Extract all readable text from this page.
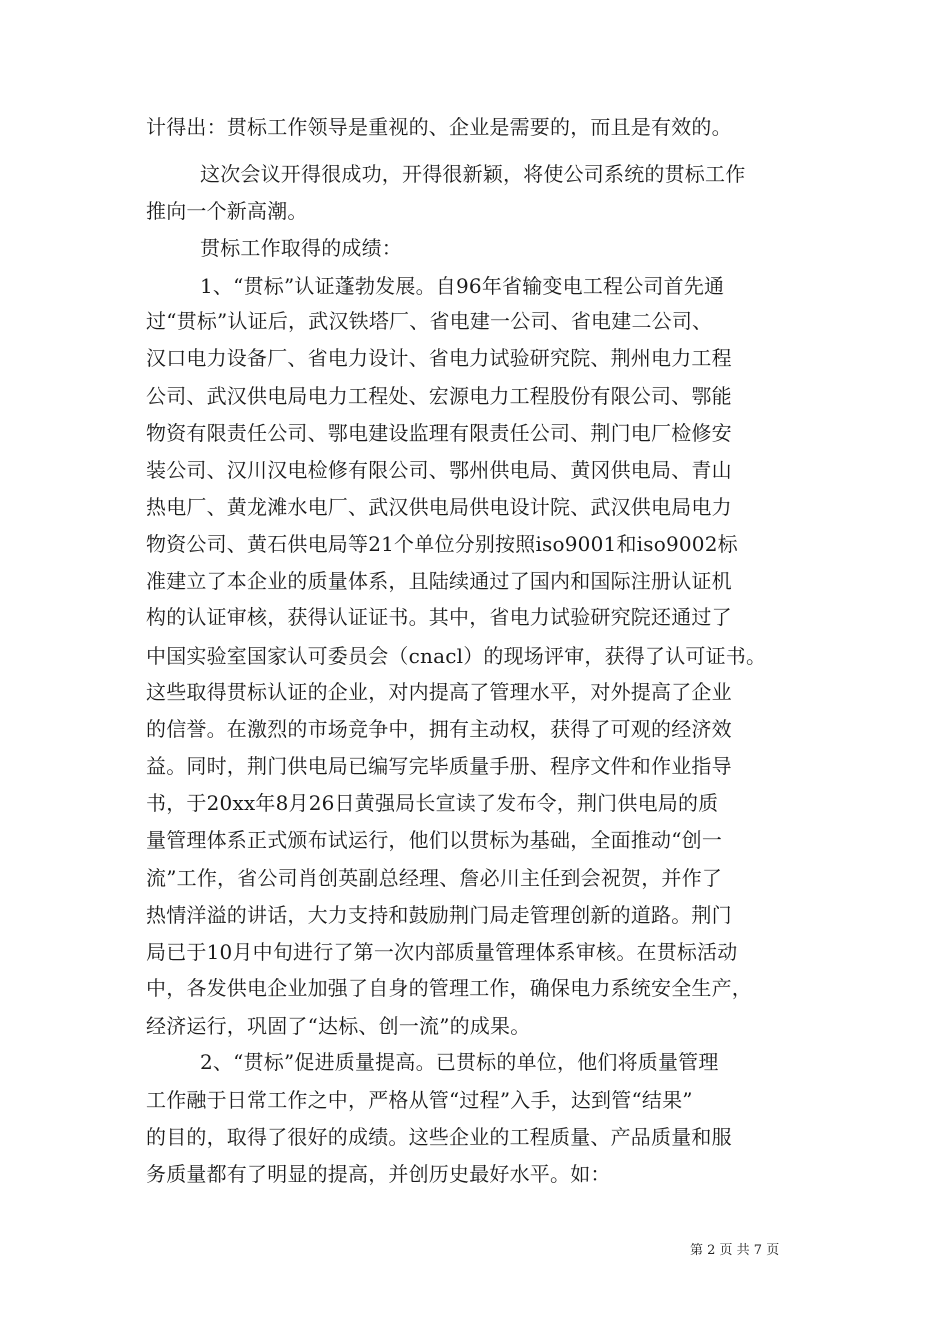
计得出：贯标工作领导是重视的、企业是需要的，而且是有效的。
这次会议开得很成功，开得很新颖，将使公司系统的贯标工作
推向一个新高潮。
贯标工作取得的成绩：
1、“贯标”认证蓬勃发展。自96年省输变电工程公司首先通
过“贯标”认证后，武汉铁塔厂、省电建一公司、省电建二公司、
汉口电力设备厂、省电力设计、省电力试验研究院、荆州电力工程
公司、武汉供电局电力工程处、宏源电力工程股份有限公司、鄂能
物资有限责任公司、鄂电建设监理有限责任公司、荆门电厂检修安
装公司、汉川汉电检修有限公司、鄂州供电局、黄冈供电局、青山
热电厂、黄龙滩水电厂、武汉供电局供电设计院、武汉供电局电力
物资公司、黄石供电局等21个单位分别按照iso9001和iso9002标
准建立了本企业的质量体系，且陆续通过了国内和国际注册认证机
构的认证审核，获得认证证书。其中，省电力试验研究院还通过了
中国实验室国家认可委员会（cnacl）的现场评审，获得了认可证书。
这些取得贯标认证的企业，对内提高了管理水平，对外提高了企业
的信誉。在激烈的市场竞争中，拥有主动权，获得了可观的经济效
益。同时，荆门供电局已编写完毕质量手册、程序文件和作业指导
书，于20xx年8月26日黄强局长宣读了发布令，荆门供电局的质
量管理体系正式颁布试运行，他们以贯标为基础，全面推动“创一
流”工作，省公司肖创英副总经理、詹必川主任到会祝贺，并作了
热情洋溢的讲话，大力支持和鼓励荆门局走管理创新的道路。荆门
局已于10月中旬进行了第一次内部质量管理体系审核。在贯标活动
中，各发供电企业加强了自身的管理工作，确保电力系统安全生产，
经济运行，巩固了“达标、创一流”的成果。
2、“贯标”促进质量提高。已贯标的单位，他们将质量管理
工作融于日常工作之中，严格从管“过程”入手，达到管“结果”
的目的，取得了很好的成绩。这些企业的工程质量、产品质量和服
务质量都有了明显的提高，并创历史最好水平。如：
第 2 页 共 7 页
